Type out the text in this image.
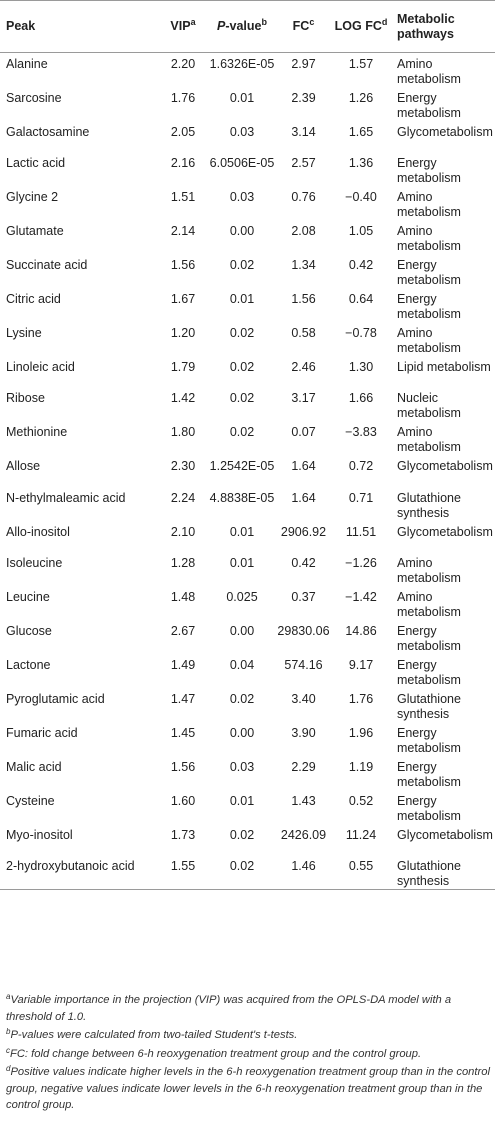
Peak	VIP$^a$	P-value$^b$	$FC^c$	LOG $FC^d$	Metabolic pathways
Alanine	2.20	1.6326E-05	2.97	1.57	Amino metabolism
Sarcosine	1.76	0.01	2.39	1.26	Energy metabolism
Galactosamine	2.05	0.03	3.14	1.65	Glycometabolism
Lactic acid	2.16	6.0506E-05	2.57	1.36	Energy metabolism
Glycine 2	1.51	0.03	0.76	−0.40	Amino metabolism
Glutamate	2.14	0.00	2.08	1.05	Amino metabolism
Succinate acid	1.56	0.02	1.34	0.42	Energy metabolism
Citric acid	1.67	0.01	1.56	0.64	Energy metabolism
Lysine	1.20	0.02	0.58	−0.78	Amino metabolism
Linoleic acid	1.79	0.02	2.46	1.30	Lipid metabolism
Ribose	1.42	0.02	3.17	1.66	Nucleic metabolism
Methionine	1.80	0.02	0.07	−3.83	Amino metabolism
Allose	2.30	1.2542E-05	1.64	0.72	Glycometabolism
N-ethylmaleamic acid	2.24	4.8838E-05	1.64	0.71	Glutathione synthesis
Allo-inositol	2.10	0.01	2906.92	11.51	Glycometabolism
Isoleucine	1.28	0.01	0.42	−1.26	Amino metabolism
Leucine	1.48	0.025	0.37	−1.42	Amino metabolism
Glucose	2.67	0.00	29830.06	14.86	Energy metabolism
Lactone	1.49	0.04	574.16	9.17	Energy metabolism
Pyroglutamic acid	1.47	0.02	3.40	1.76	Glutathione synthesis
Fumaric acid	1.45	0.00	3.90	1.96	Energy metabolism
Malic acid	1.56	0.03	2.29	1.19	Energy metabolism
Cysteine	1.60	0.01	1.43	0.52	Energy metabolism
Myo-inositol	1.73	0.02	2426.09	11.24	Glycometabolism
2-hydroxybutanoic acid	1.55	0.02	1.46	0.55	Glutathione synthesis

$^a$Variable importance in the projection (VIP) was acquired from the OPLS-DA model with a threshold of 1.0.

$^b$P-values were calculated from two-tailed Student's t-tests.

$^c$FC: fold change between 6-h reoxygenation treatment group and the control group.

$^d$Positive values indicate higher levels in the 6-h reoxygenation treatment group than in the control group, negative values indicate lower levels in the 6-h reoxygenation treatment group than in the control group.
